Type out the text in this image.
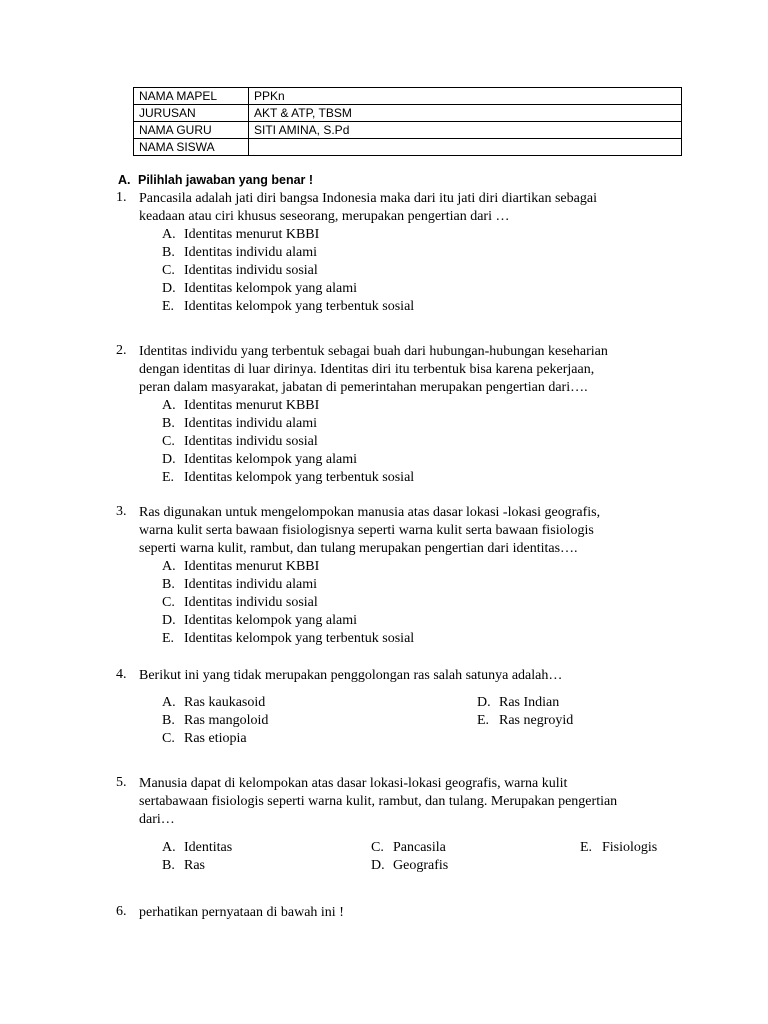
NAMA MAPEL	PPKn
JURUSAN	AKT & ATP, TBSM
NAMA GURU	SITI AMINA, S.Pd
NAMA SISWA	
A. Pilihlah jawaban yang benar !
1. Pancasila adalah jati diri bangsa Indonesia maka dari itu jati diri diartikan sebagai
keadaan atau ciri khusus seseorang, merupakan pengertian dari …
A. Identitas menurut KBBI
B. Identitas individu alami
C. Identitas individu sosial
D. Identitas kelompok yang alami
E. Identitas kelompok yang terbentuk sosial
2. Identitas individu yang terbentuk sebagai buah dari hubungan-hubungan keseharian
dengan identitas di luar dirinya. Identitas diri itu terbentuk bisa karena pekerjaan,
peran dalam masyarakat, jabatan di pemerintahan merupakan pengertian dari….
A. Identitas menurut KBBI
B. Identitas individu alami
C. Identitas individu sosial
D. Identitas kelompok yang alami
E. Identitas kelompok yang terbentuk sosial
3. Ras digunakan untuk mengelompokan manusia atas dasar lokasi -lokasi geografis,
warna kulit serta bawaan fisiologisnya seperti warna kulit serta bawaan fisiologis
seperti warna kulit, rambut, dan tulang merupakan pengertian dari identitas….
A. Identitas menurut KBBI
B. Identitas individu alami
C. Identitas individu sosial
D. Identitas kelompok yang alami
E. Identitas kelompok yang terbentuk sosial
4. Berikut ini yang tidak merupakan penggolongan ras salah satunya adalah…
A. Ras kaukasoid
B. Ras mangoloid
C. Ras etiopia
D. Ras Indian
E. Ras negroyid
5. Manusia dapat di kelompokan atas dasar lokasi-lokasi geografis, warna kulit
sertabawaan fisiologis seperti warna kulit, rambut, dan tulang. Merupakan pengertian
dari…
A. Identitas
B. Ras
C. Pancasila
D. Geografis
E. Fisiologis
6. perhatikan pernyataan di bawah ini !
